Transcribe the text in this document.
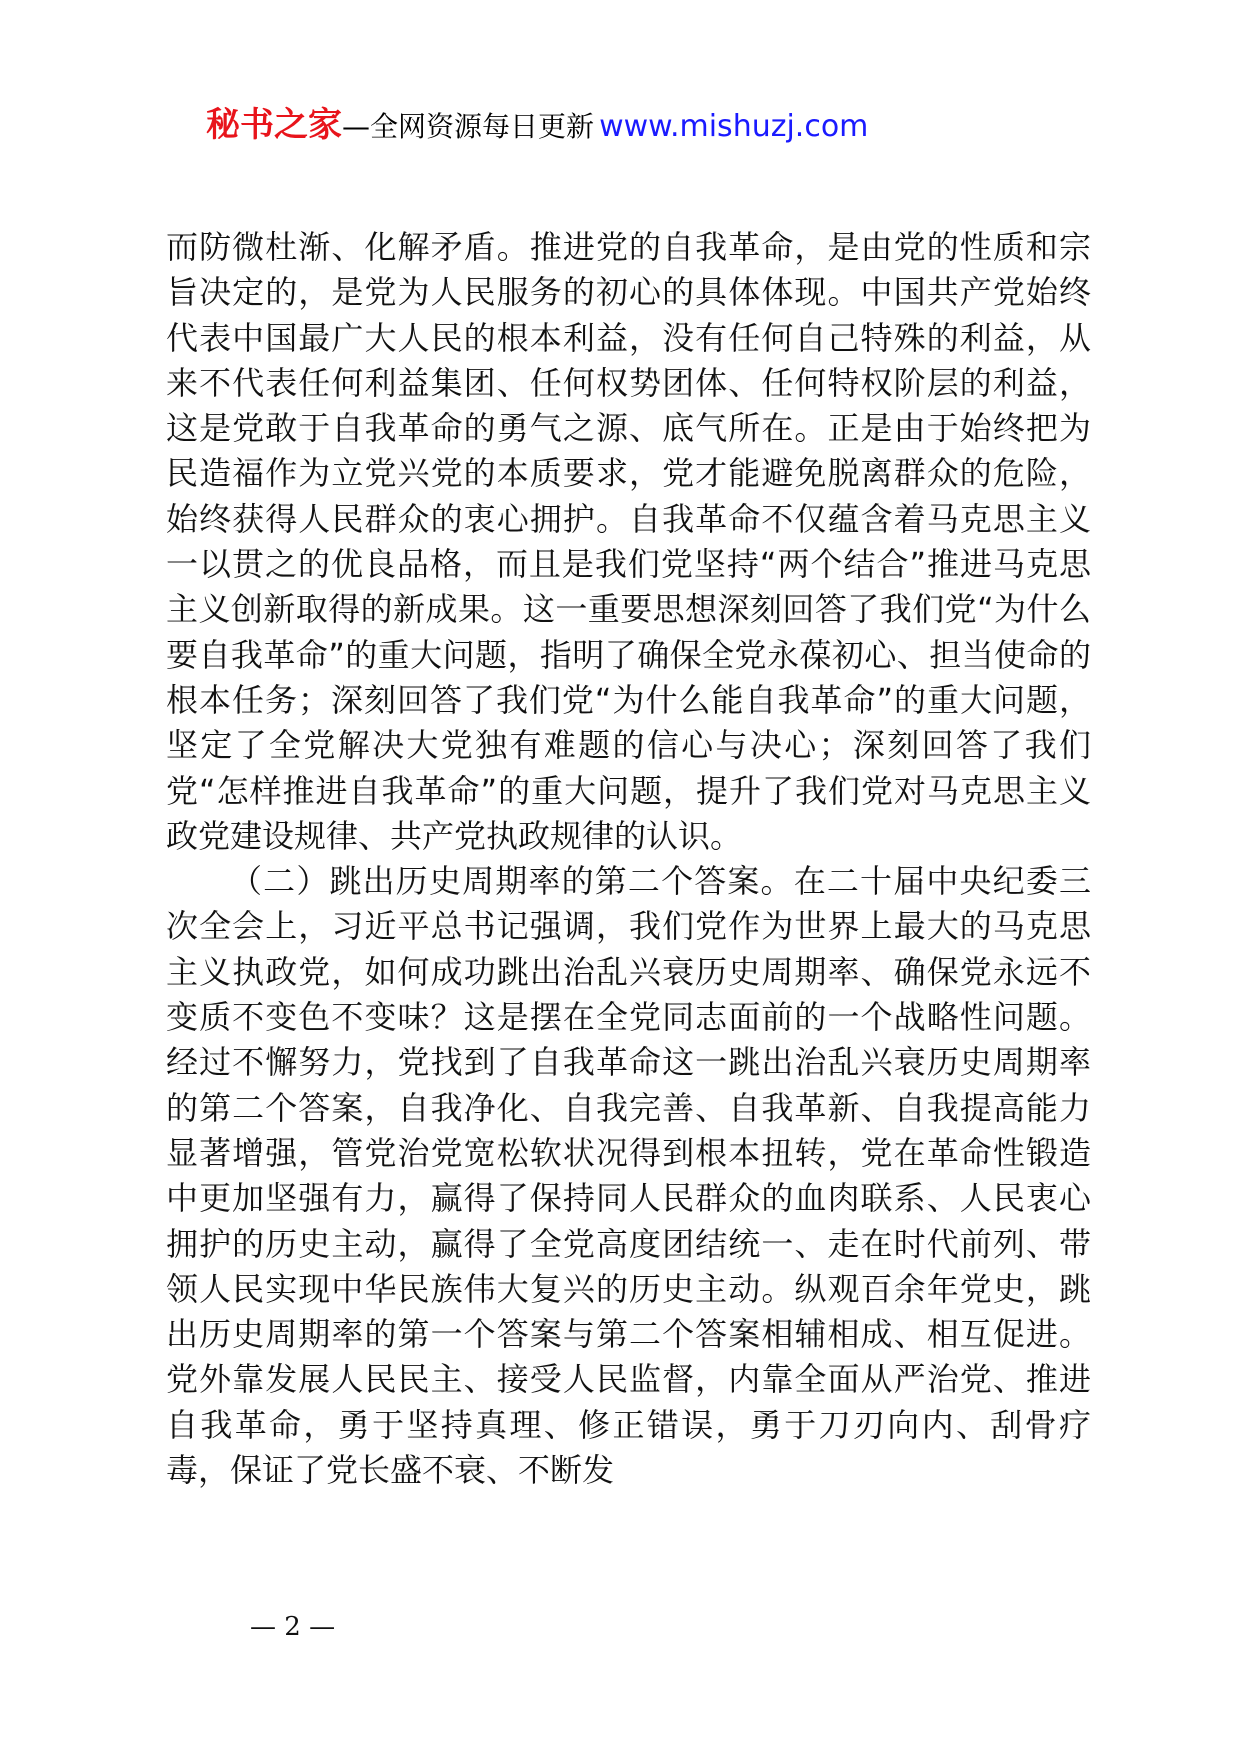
秘书之家—全网资源每日更新 www.mishuzj.com

而防微杜渐、化解矛盾。推进党的自我革命，是由党的性质和宗旨决定的，是党为人民服务的初心的具体体现。中国共产党始终代表中国最广大人民的根本利益，没有任何自己特殊的利益，从来不代表任何利益集团、任何权势团体、任何特权阶层的利益，这是党敢于自我革命的勇气之源、底气所在。正是由于始终把为民造福作为立党兴党的本质要求，党才能避免脱离群众的危险，始终获得人民群众的衷心拥护。自我革命不仅蕴含着马克思主义一以贯之的优良品格，而且是我们党坚持“两个结合”推进马克思主义创新取得的新成果。这一重要思想深刻回答了我们党“为什么要自我革命”的重大问题，指明了确保全党永葆初心、担当使命的根本任务；深刻回答了我们党“为什么能自我革命”的重大问题，坚定了全党解决大党独有难题的信心与决心；深刻回答了我们党“怎样推进自我革命”的重大问题，提升了我们党对马克思主义政党建设规律、共产党执政规律的认识。

（二）跳出历史周期率的第二个答案。在二十届中央纪委三次全会上，习近平总书记强调，我们党作为世界上最大的马克思主义执政党，如何成功跳出治乱兴衰历史周期率、确保党永远不变质不变色不变味？这是摆在全党同志面前的一个战略性问题。经过不懈努力，党找到了自我革命这一跳出治乱兴衰历史周期率的第二个答案，自我净化、自我完善、自我革新、自我提高能力显著增强，管党治党宽松软状况得到根本扭转，党在革命性锻造中更加坚强有力，赢得了保持同人民群众的血肉联系、人民衷心拥护的历史主动，赢得了全党高度团结统一、走在时代前列、带领人民实现中华民族伟大复兴的历史主动。纵观百余年党史，跳出历史周期率的第一个答案与第二个答案相辅相成、相互促进。党外靠发展人民民主、接受人民监督，内靠全面从严治党、推进自我革命，勇于坚持真理、修正错误，勇于刀刃向内、刮骨疗毒，保证了党长盛不衰、不断发

— 2 —
